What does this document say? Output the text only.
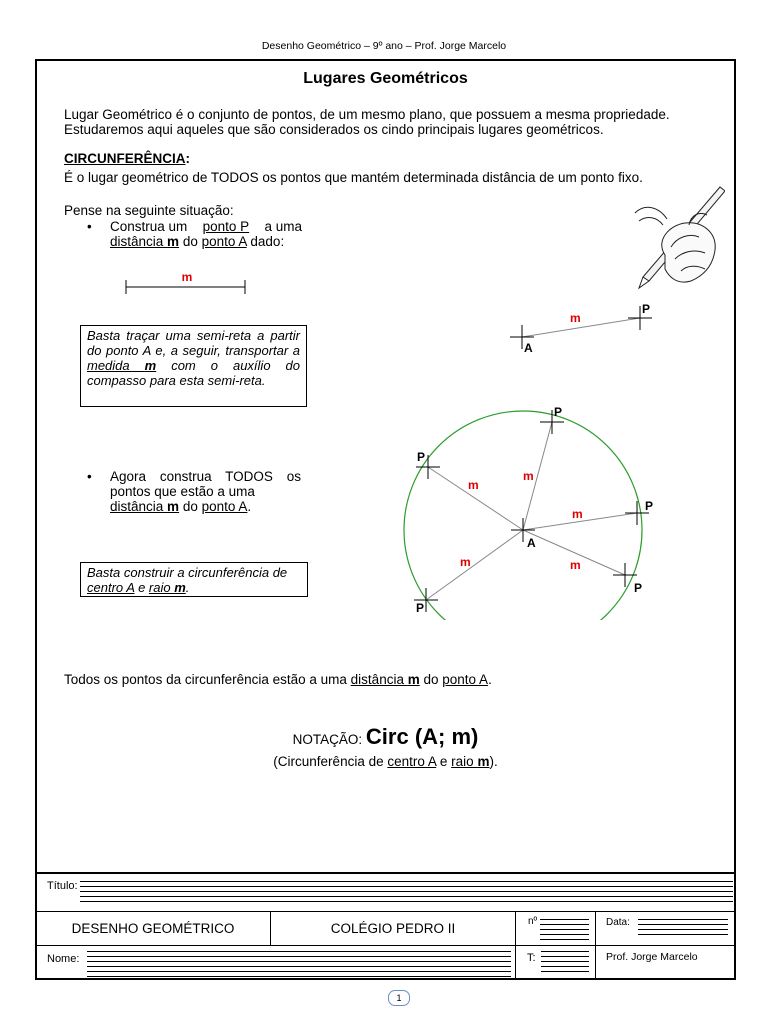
Desenho Geométrico – 9º ano – Prof. Jorge Marcelo
Lugares Geométricos
Lugar Geométrico é o conjunto de pontos, de um mesmo plano, que possuem a mesma propriedade.
Estudaremos aqui aqueles que são considerados os cindo principais lugares geométricos.
CIRCUNFERÊNCIA:
É o lugar geométrico de TODOS os pontos que mantém determinada distância de um ponto fixo.
Pense na seguinte situação:
• Construa um ponto P a uma
distância m do ponto A dado:
m
Basta traçar uma semi-reta a partir do ponto A e, a seguir, transportar a medida m com o auxílio do compasso para esta semi-reta.
• Agora construa TODOS os pontos que estão a uma
distância m do ponto A.
Basta construir a circunferência de centro A e raio m.
m
P
A
A
P
P
P
P
P
m
m
m
m
m
Todos os pontos da circunferência estão a uma distância m do ponto A.
NOTAÇÃO: Circ (A; m)
(Circunferência de centro A e raio m).
Título:
DESENHO GEOMÉTRICO	COLÉGIO PEDRO II	nº	Data:
Nome:	T:	Prof. Jorge Marcelo
1
